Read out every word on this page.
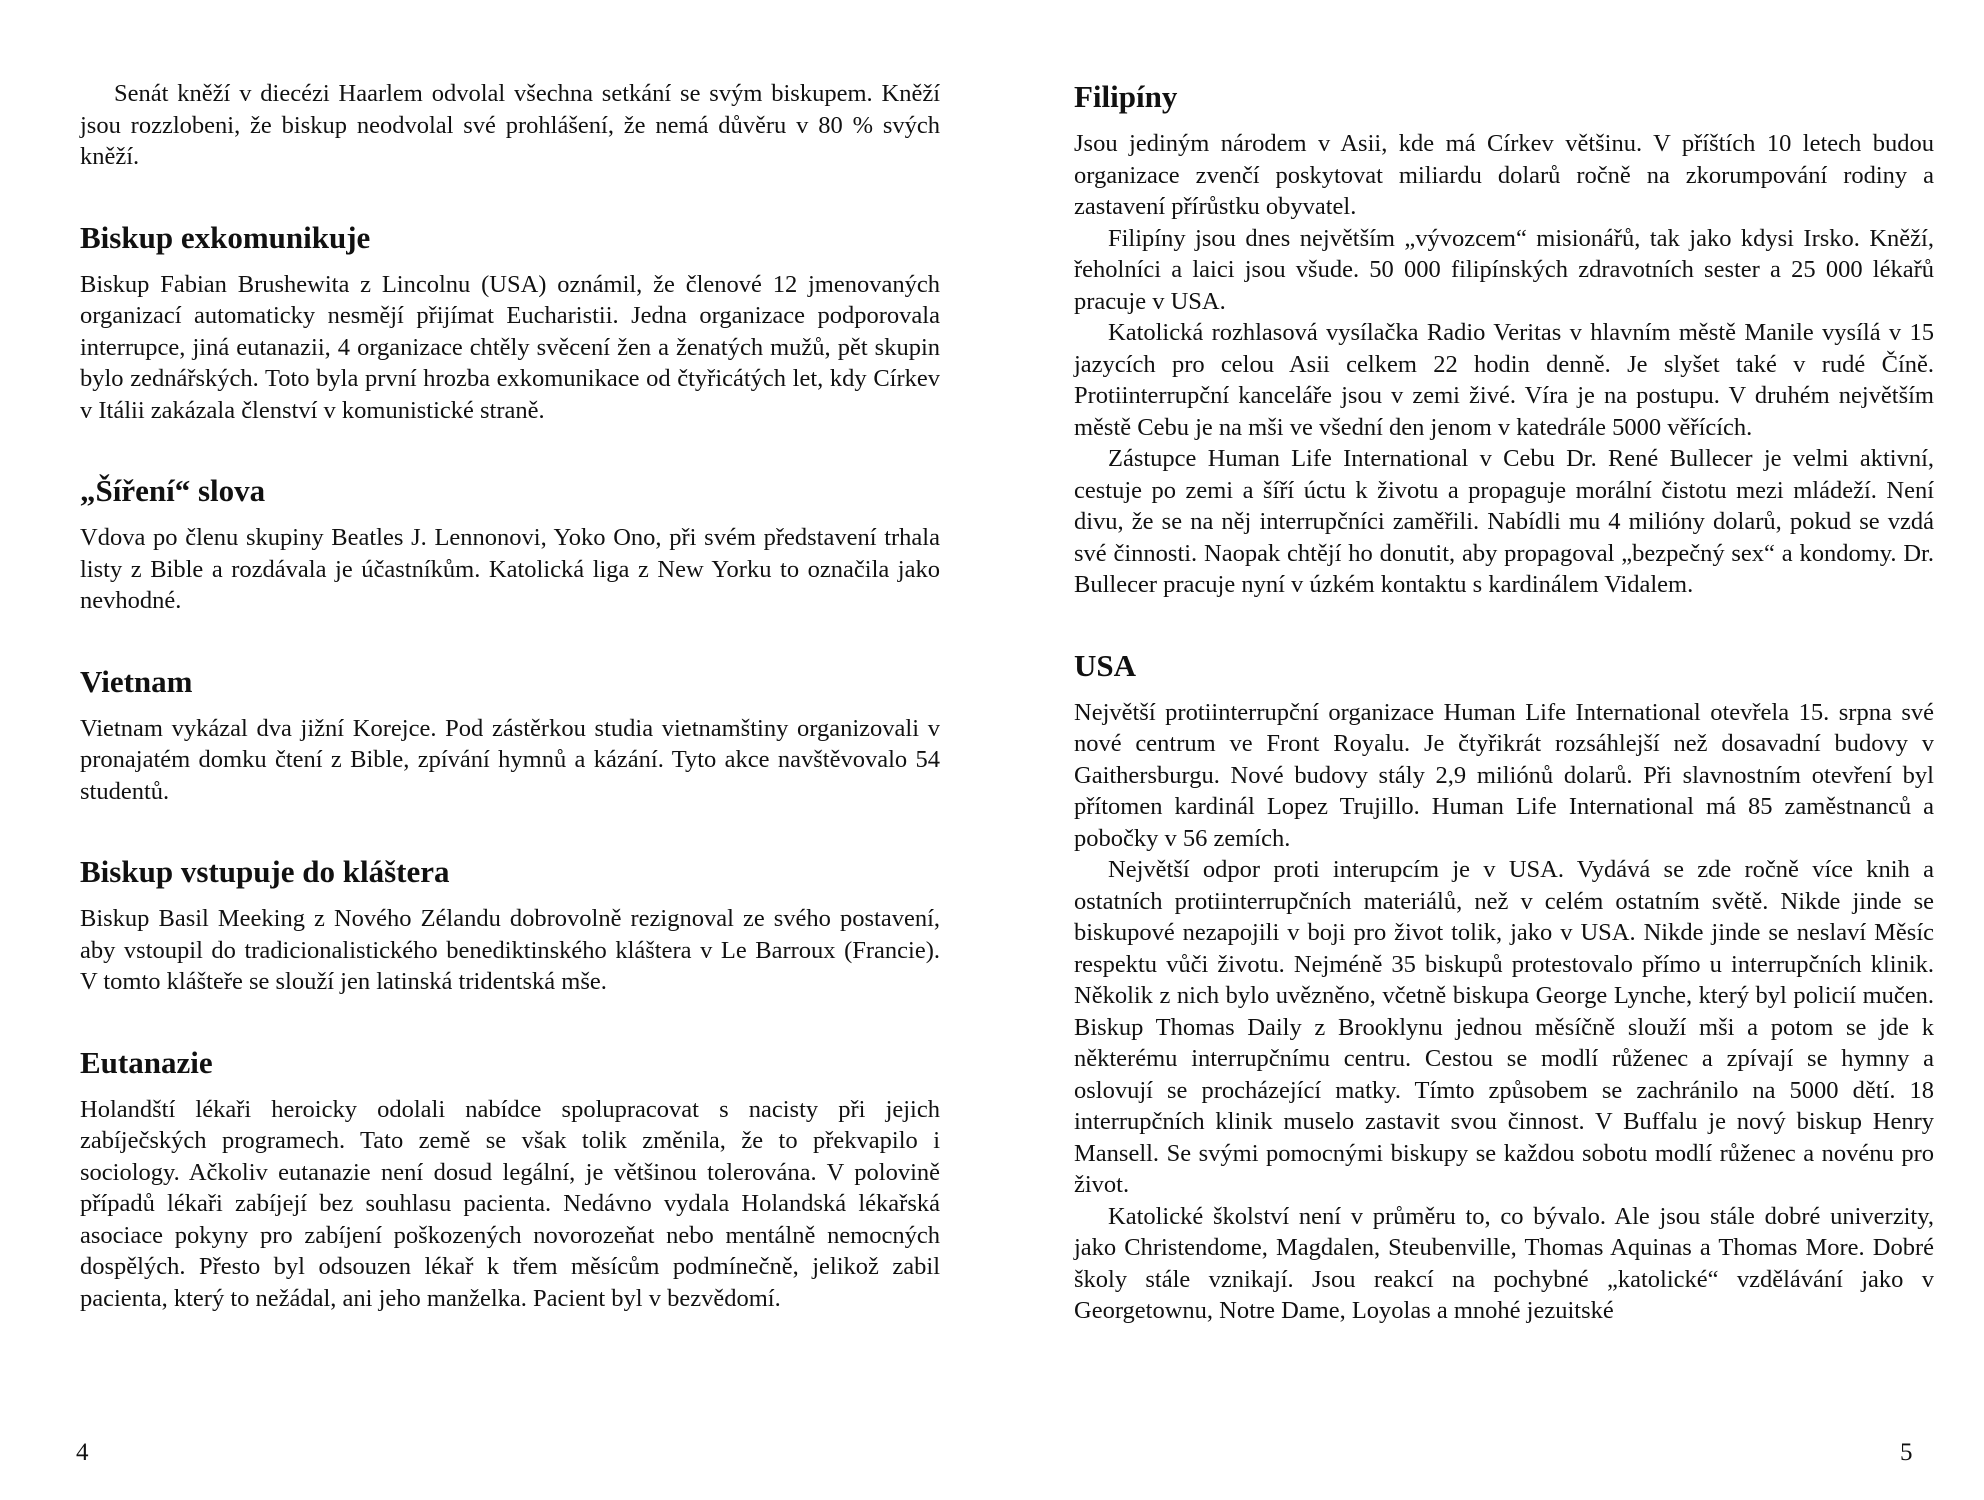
Senát kněží v diecézi Haarlem odvolal všechna setkání se svým biskupem. Kněží jsou rozzlobeni, že biskup neodvolal své prohlášení, že nemá důvěru v 80 % svých kněží.

Biskup exkomunikuje

Biskup Fabian Brushewita z Lincolnu (USA) oznámil, že členové 12 jmenovaných organizací automaticky nesmějí přijímat Eucharistii. Jedna organizace podporovala interrupce, jiná eutanazii, 4 organizace chtěly svěcení žen a ženatých mužů, pět skupin bylo zednářských. Toto byla první hrozba exkomunikace od čtyřicátých let, kdy Církev v Itálii zakázala členství v komunistické straně.

„Šíření“ slova

Vdova po členu skupiny Beatles J. Lennonovi, Yoko Ono, při svém představení trhala listy z Bible a rozdávala je účastníkům. Katolická liga z New Yorku to označila jako nevhodné.

Vietnam

Vietnam vykázal dva jižní Korejce. Pod zástěrkou studia vietnamštiny organizovali v pronajatém domku čtení z Bible, zpívání hymnů a kázání. Tyto akce navštěvovalo 54 studentů.

Biskup vstupuje do kláštera

Biskup Basil Meeking z Nového Zélandu dobrovolně rezignoval ze svého postavení, aby vstoupil do tradicionalistického benediktinského kláštera v Le Barroux (Francie). V tomto klášteře se slouží jen latinská tridentská mše.

Eutanazie

Holandští lékaři heroicky odolali nabídce spolupracovat s nacisty při jejich zabíječských programech. Tato země se však tolik změnila, že to překvapilo i sociology. Ačkoliv eutanazie není dosud legální, je většinou tolerována. V polovině případů lékaři zabíjejí bez souhlasu pacienta. Nedávno vydala Holandská lékařská asociace pokyny pro zabíjení poškozených novorozeňat nebo mentálně nemocných dospělých. Přesto byl odsouzen lékař k třem měsícům podmínečně, jelikož zabil pacienta, který to nežádal, ani jeho manželka. Pacient byl v bezvědomí.

4
Filipíny

Jsou jediným národem v Asii, kde má Církev většinu. V příštích 10 letech budou organizace zvenčí poskytovat miliardu dolarů ročně na zkorumpování rodiny a zastavení přírůstku obyvatel.

Filipíny jsou dnes největším „vývozcem“ misionářů, tak jako kdysi Irsko. Kněží, řeholníci a laici jsou všude. 50 000 filipínských zdravotních sester a 25 000 lékařů pracuje v USA.

Katolická rozhlasová vysílačka Radio Veritas v hlavním městě Manile vysílá v 15 jazycích pro celou Asii celkem 22 hodin denně. Je slyšet také v rudé Číně. Protiinterrupční kanceláře jsou v zemi živé. Víra je na postupu. V druhém největším městě Cebu je na mši ve všední den jenom v katedrále 5000 věřících.

Zástupce Human Life International v Cebu Dr. René Bullecer je velmi aktivní, cestuje po zemi a šíří úctu k životu a propaguje morální čistotu mezi mládeží. Není divu, že se na něj interrupčníci zaměřili. Nabídli mu 4 milióny dolarů, pokud se vzdá své činnosti. Naopak chtějí ho donutit, aby propagoval „bezpečný sex“ a kondomy. Dr. Bullecer pracuje nyní v úzkém kontaktu s kardinálem Vidalem.

USA

Největší protiinterrupční organizace Human Life International otevřela 15. srpna své nové centrum ve Front Royalu. Je čtyřikrát rozsáhlejší než dosavadní budovy v Gaithersburgu. Nové budovy stály 2,9 miliónů dolarů. Při slavnostním otevření byl přítomen kardinál Lopez Trujillo. Human Life International má 85 zaměstnanců a pobočky v 56 zemích.

Největší odpor proti interupcím je v USA. Vydává se zde ročně více knih a ostatních protiinterrupčních materiálů, než v celém ostatním světě. Nikde jinde se biskupové nezapojili v boji pro život tolik, jako v USA. Nikde jinde se neslaví Měsíc respektu vůči životu. Nejméně 35 biskupů protestovalo přímo u interrupčních klinik. Několik z nich bylo uvězněno, včetně biskupa George Lynche, který byl policií mučen. Biskup Thomas Daily z Brooklynu jednou měsíčně slouží mši a potom se jde k některému interrupčnímu centru. Cestou se modlí růženec a zpívají se hymny a oslovují se procházející matky. Tímto způsobem se zachránilo na 5000 dětí. 18 interrupčních klinik muselo zastavit svou činnost. V Buffalu je nový biskup Henry Mansell. Se svými pomocnými biskupy se každou sobotu modlí růženec a novénu pro život.

Katolické školství není v průměru to, co bývalo. Ale jsou stále dobré univerzity, jako Christendome, Magdalen, Steubenville, Thomas Aquinas a Thomas More. Dobré školy stále vznikají. Jsou reakcí na pochybné „katolické“ vzdělávání jako v Georgetownu, Notre Dame, Loyolas a mnohé jezuitské

5
